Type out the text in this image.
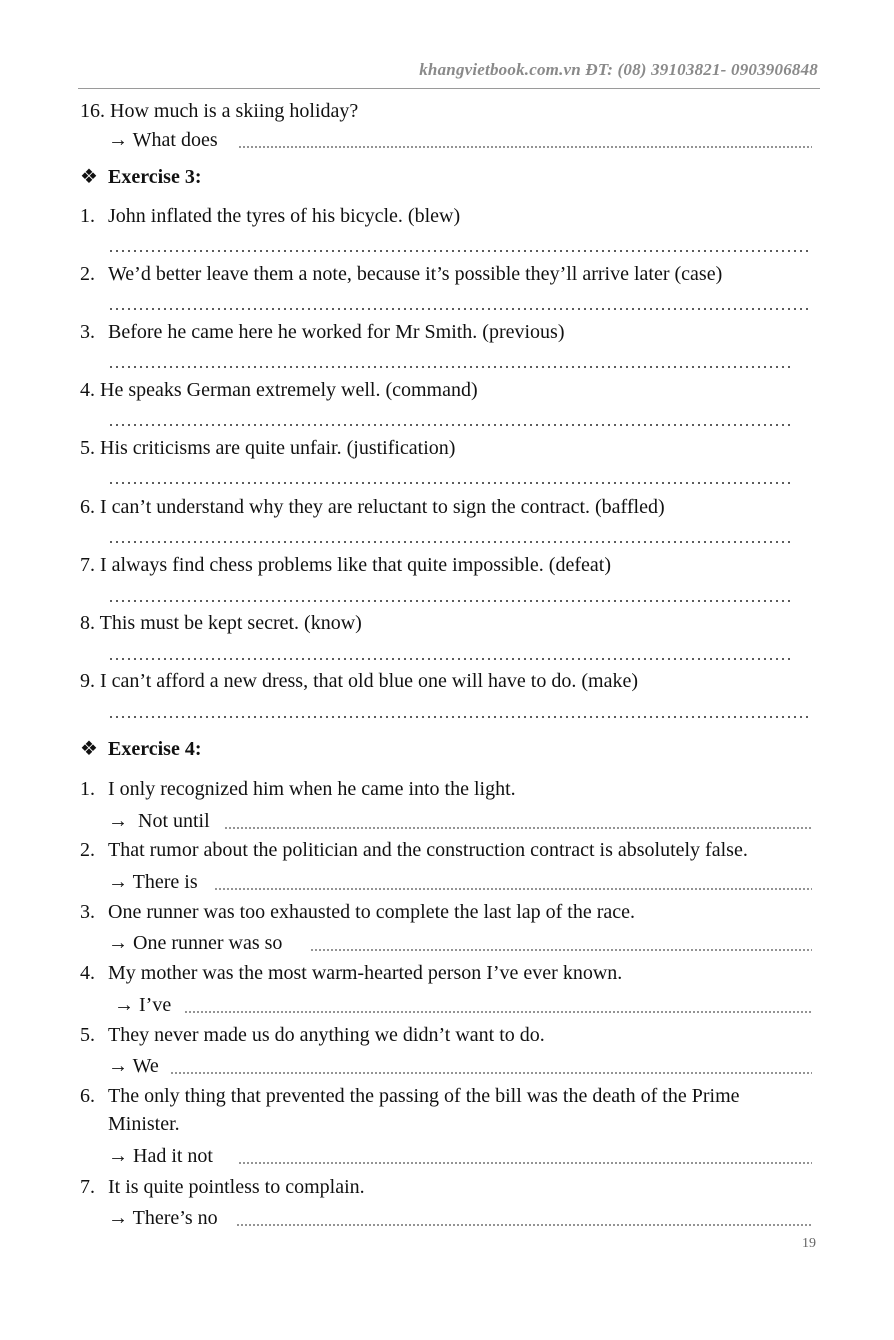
khangvietbook.com.vn ĐT: (08) 39103821- 0903906848
16. How much is a skiing holiday?
→ What does
❖ Exercise 3:
1. John inflated the tyres of his bicycle. (blew)
2. We’d better leave them a note, because it’s possible they’ll arrive later (case)
3. Before he came here he worked for Mr Smith. (previous)
4. He speaks German extremely well. (command)
5. His criticisms are quite unfair. (justification)
6. I can’t understand why they are reluctant to sign the contract. (baffled)
7. I always find chess problems like that quite impossible. (defeat)
8. This must be kept secret. (know)
9. I can’t afford a new dress, that old blue one will have to do. (make)
❖ Exercise 4:
1. I only recognized him when he came into the light.
→ Not until
2. That rumor about the politician and the construction contract is absolutely false.
→ There is
3. One runner was too exhausted to complete the last lap of the race.
→ One runner was so
4. My mother was the most warm-hearted person I’ve ever known.
→ I’ve
5. They never made us do anything we didn’t want to do.
→ We
6. The only thing that prevented the passing of the bill was the death of the Prime
Minister.
→ Had it not
7. It is quite pointless to complain.
→ There’s no
19
